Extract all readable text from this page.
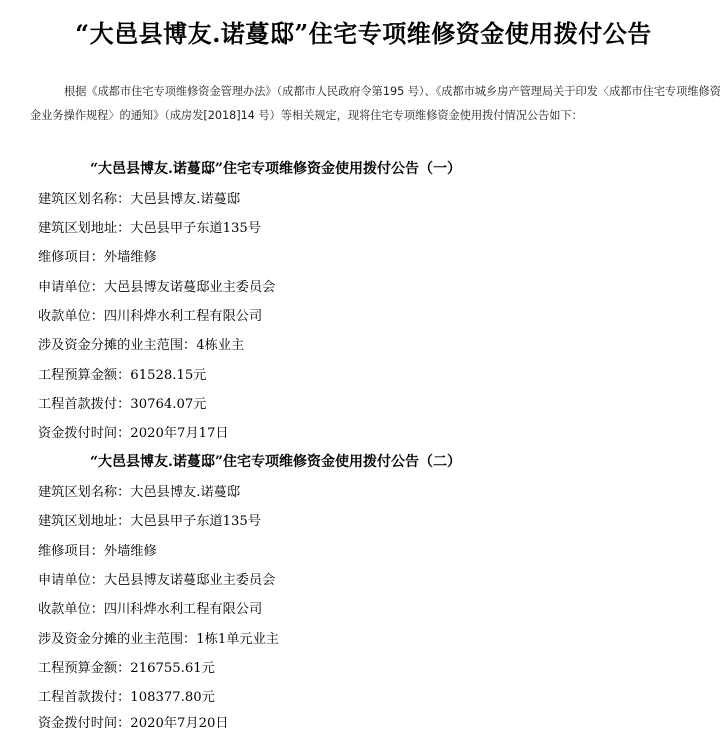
“大邑县博友.诺蔓邸”住宅专项维修资金使用拨付公告

根据《成都市住宅专项维修资金管理办法》（成都市人民政府令第195 号）、《成都市城乡房产管理局关于印发〈成都市住宅专项维修资金业务操作规程〉的通知》（成房发[2018]14 号）等相关规定，现将住宅专项维修资金使用拨付情况公告如下：

“大邑县博友.诺蔓邸”住宅专项维修资金使用拨付公告（一）

建筑区划名称：大邑县博友.诺蔓邸

建筑区划地址：大邑县甲子东道135号

维修项目：外墙维修

申请单位：大邑县博友诺蔓邸业主委员会

收款单位：四川科烨水利工程有限公司

涉及资金分摊的业主范围：4栋业主

工程预算金额：61528.15元

工程首款拨付：30764.07元

资金拨付时间：2020年7月17日

“大邑县博友.诺蔓邸”住宅专项维修资金使用拨付公告（二）

建筑区划名称：大邑县博友.诺蔓邸

建筑区划地址：大邑县甲子东道135号

维修项目：外墙维修

申请单位：大邑县博友诺蔓邸业主委员会

收款单位：四川科烨水利工程有限公司

涉及资金分摊的业主范围：1栋1单元业主

工程预算金额：216755.61元

工程首款拨付：108377.80元

资金拨付时间：2020年7月20日
